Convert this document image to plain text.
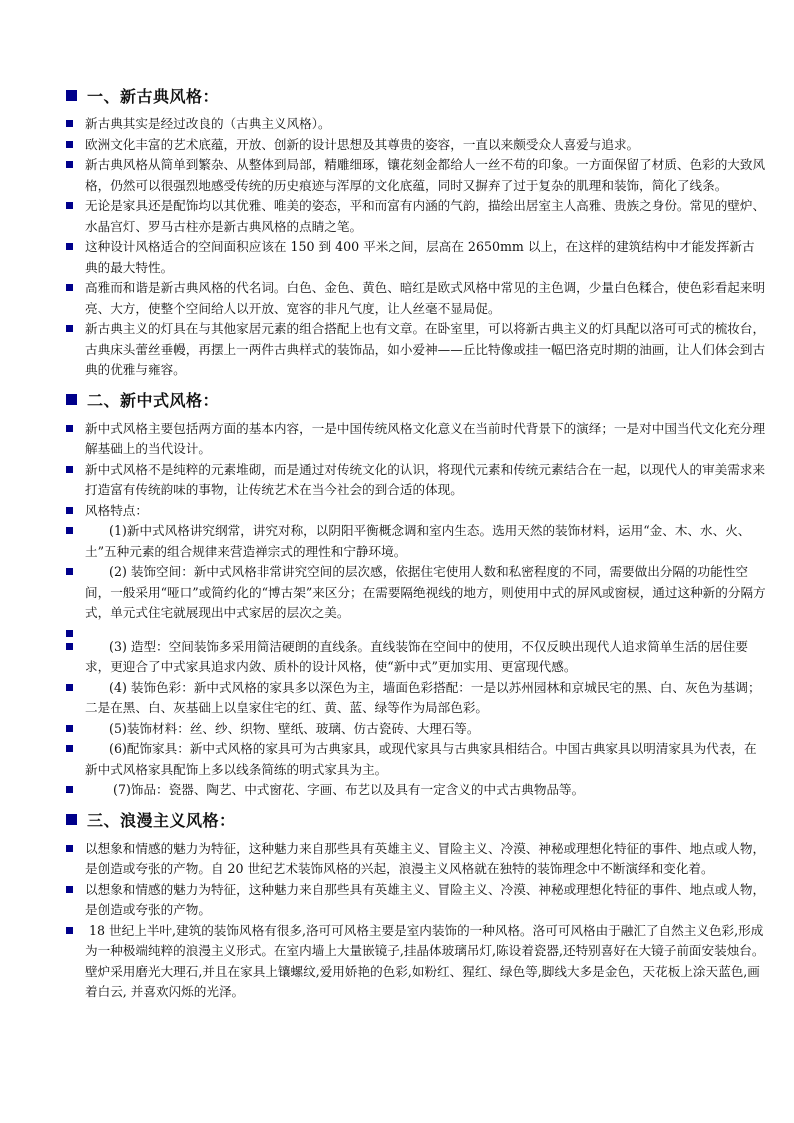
一、新古典风格：
新古典其实是经过改良的（古典主义风格）。
欧洲文化丰富的艺术底蕴，开放、创新的设计思想及其尊贵的姿容，一直以来颇受众人喜爱与追求。
新古典风格从简单到繁杂、从整体到局部，精雕细琢，镶花刻金都给人一丝不苟的印象。一方面保留了材质、色彩的大致风格，仍然可以很强烈地感受传统的历史痕迹与浑厚的文化底蕴，同时又摒弃了过于复杂的肌理和装饰，简化了线条。
无论是家具还是配饰均以其优雅、唯美的姿态，平和而富有内涵的气韵，描绘出居室主人高雅、贵族之身份。常见的壁炉、水晶宫灯、罗马古柱亦是新古典风格的点睛之笔。
这种设计风格适合的空间面积应该在 150 到 400 平米之间，层高在 2650mm 以上，在这样的建筑结构中才能发挥新古典的最大特性。
高雅而和谐是新古典风格的代名词。白色、金色、黄色、暗红是欧式风格中常见的主色调，少量白色糅合，使色彩看起来明亮、大方，使整个空间给人以开放、宽容的非凡气度，让人丝毫不显局促。
新古典主义的灯具在与其他家居元素的组合搭配上也有文章。在卧室里，可以将新古典主义的灯具配以洛可可式的梳妆台，古典床头蕾丝垂幔，再摆上一两件古典样式的装饰品，如小爱神——丘比特像或挂一幅巴洛克时期的油画，让人们体会到古典的优雅与雍容。
二、新中式风格：
新中式风格主要包括两方面的基本内容，一是中国传统风格文化意义在当前时代背景下的演绎；一是对中国当代文化充分理解基础上的当代设计。
新中式风格不是纯粹的元素堆砌，而是通过对传统文化的认识，将现代元素和传统元素结合在一起，以现代人的审美需求来打造富有传统韵味的事物，让传统艺术在当今社会的到合适的体现。
风格特点：
(1)新中式风格讲究纲常，讲究对称，以阴阳平衡概念调和室内生态。选用天然的装饰材料，运用“金、木、水、火、土”五种元素的组合规律来营造禅宗式的理性和宁静环境。
(2) 装饰空间：新中式风格非常讲究空间的层次感，依据住宅使用人数和私密程度的不同，需要做出分隔的功能性空间，一般采用“哑口”或简约化的“博古架”来区分；在需要隔绝视线的地方，则使用中式的屏风或窗棂，通过这种新的分隔方式，单元式住宅就展现出中式家居的层次之美。
(3) 造型：空间装饰多采用简洁硬朗的直线条。直线装饰在空间中的使用，不仅反映出现代人追求简单生活的居住要求，更迎合了中式家具追求内敛、质朴的设计风格，使“新中式”更加实用、更富现代感。
(4) 装饰色彩：新中式风格的家具多以深色为主，墙面色彩搭配：一是以苏州园林和京城民宅的黑、白、灰色为基调；二是在黑、白、灰基础上以皇家住宅的红、黄、蓝、绿等作为局部色彩。
(5)装饰材料：丝、纱、织物、壁纸、玻璃、仿古瓷砖、大理石等。
(6)配饰家具：新中式风格的家具可为古典家具，或现代家具与古典家具相结合。中国古典家具以明清家具为代表，在新中式风格家具配饰上多以线条简练的明式家具为主。
(7)饰品：瓷器、陶艺、中式窗花、字画、布艺以及具有一定含义的中式古典物品等。
三、浪漫主义风格：
以想象和情感的魅力为特征，这种魅力来自那些具有英雄主义、冒险主义、冷漠、神秘或理想化特征的事件、地点或人物，是创造或夸张的产物。自 20 世纪艺术装饰风格的兴起，浪漫主义风格就在独特的装饰理念中不断演绎和变化着。
以想象和情感的魅力为特征，这种魅力来自那些具有英雄主义、冒险主义、冷漠、神秘或理想化特征的事件、地点或人物，是创造或夸张的产物。
18 世纪上半叶,建筑的装饰风格有很多,洛可可风格主要是室内装饰的一种风格。洛可可风格由于融汇了自然主义色彩,形成为一种极端纯粹的浪漫主义形式。在室内墙上大量嵌镜子,挂晶体玻璃吊灯,陈设着瓷器,还特别喜好在大镜子前面安装烛台。壁炉采用磨光大理石,并且在家具上镶螺纹,爱用娇艳的色彩,如粉红、猩红、绿色等,脚线大多是金色，天花板上涂天蓝色,画着白云, 并喜欢闪烁的光泽。
